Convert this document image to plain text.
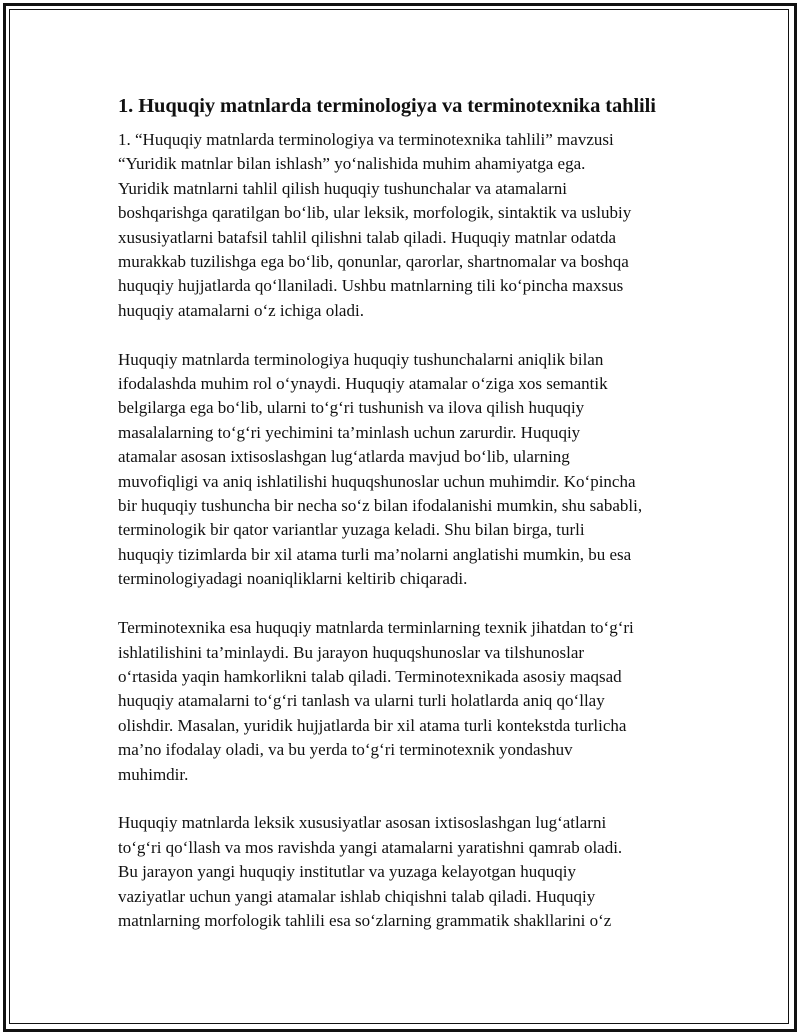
1. Huquqiy matnlarda terminologiya va terminotexnika tahlili
1. “Huquqiy matnlarda terminologiya va terminotexnika tahlili” mavzusi
“Yuridik matnlar bilan ishlash” yo‘nalishida muhim ahamiyatga ega.
Yuridik matnlarni tahlil qilish huquqiy tushunchalar va atamalarni
boshqarishga qaratilgan bo‘lib, ular leksik, morfologik, sintaktik va uslubiy
xususiyatlarni batafsil tahlil qilishni talab qiladi. Huquqiy matnlar odatda
murakkab tuzilishga ega bo‘lib, qonunlar, qarorlar, shartnomalar va boshqa
huquqiy hujjatlarda qo‘llaniladi. Ushbu matnlarning tili ko‘pincha maxsus
huquqiy atamalarni o‘z ichiga oladi.
Huquqiy matnlarda terminologiya huquqiy tushunchalarni aniqlik bilan
ifodalashda muhim rol o‘ynaydi. Huquqiy atamalar o‘ziga xos semantik
belgilarga ega bo‘lib, ularni to‘g‘ri tushunish va ilova qilish huquqiy
masalalarning to‘g‘ri yechimini ta’minlash uchun zarurdir. Huquqiy
atamalar asosan ixtisoslashgan lug‘atlarda mavjud bo‘lib, ularning
muvofiqligi va aniq ishlatilishi huquqshunoslar uchun muhimdir. Ko‘pincha
bir huquqiy tushuncha bir necha so‘z bilan ifodalanishi mumkin, shu sababli,
terminologik bir qator variantlar yuzaga keladi. Shu bilan birga, turli
huquqiy tizimlarda bir xil atama turli ma’nolarni anglatishi mumkin, bu esa
terminologiyadagi noaniqliklarni keltirib chiqaradi.
Terminotexnika esa huquqiy matnlarda terminlarning texnik jihatdan to‘g‘ri
ishlatilishini ta’minlaydi. Bu jarayon huquqshunoslar va tilshunoslar
o‘rtasida yaqin hamkorlikni talab qiladi. Terminotexnikada asosiy maqsad
huquqiy atamalarni to‘g‘ri tanlash va ularni turli holatlarda aniq qo‘llay
olishdir. Masalan, yuridik hujjatlarda bir xil atama turli kontekstda turlicha
ma’no ifodalay oladi, va bu yerda to‘g‘ri terminotexnik yondashuv
muhimdir.
Huquqiy matnlarda leksik xususiyatlar asosan ixtisoslashgan lug‘atlarni
to‘g‘ri qo‘llash va mos ravishda yangi atamalarni yaratishni qamrab oladi.
Bu jarayon yangi huquqiy institutlar va yuzaga kelayotgan huquqiy
vaziyatlar uchun yangi atamalar ishlab chiqishni talab qiladi. Huquqiy
matnlarning morfologik tahlili esa so‘zlarning grammatik shakllarini o‘z
